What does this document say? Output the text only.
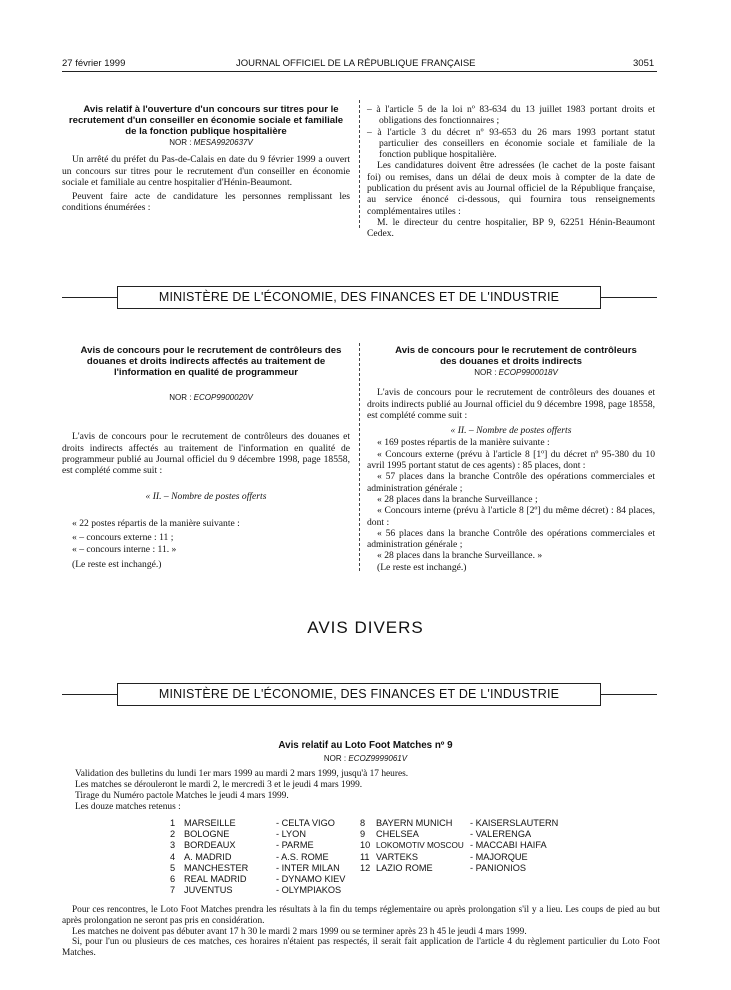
27 février 1999	JOURNAL OFFICIEL DE LA RÉPUBLIQUE FRANÇAISE	3051

Avis relatif à l'ouverture d'un concours sur titres pour le recrutement d'un conseiller en économie sociale et familiale de la fonction publique hospitalière

NOR : MESA9920637V

Un arrêté du préfet du Pas-de-Calais en date du 9 février 1999 a ouvert un concours sur titres pour le recrutement d'un conseiller en économie sociale et familiale au centre hospitalier d'Hénin-Beaumont.

Peuvent faire acte de candidature les personnes remplissant les conditions énumérées :

– à l'article 5 de la loi nº 83-634 du 13 juillet 1983 portant droits et obligations des fonctionnaires ;

– à l'article 3 du décret nº 93-653 du 26 mars 1993 portant statut particulier des conseillers en économie sociale et familiale de la fonction publique hospitalière.

Les candidatures doivent être adressées (le cachet de la poste faisant foi) ou remises, dans un délai de deux mois à compter de la date de publication du présent avis au Journal officiel de la République française, au service énoncé ci-dessous, qui fournira tous renseignements complémentaires utiles :

M. le directeur du centre hospitalier, BP 9, 62251 Hénin-Beaumont Cedex.

MINISTÈRE DE L'ÉCONOMIE, DES FINANCES ET DE L'INDUSTRIE

Avis de concours pour le recrutement de contrôleurs des douanes et droits indirects affectés au traitement de l'information en qualité de programmeur

NOR : ECOP9900020V

L'avis de concours pour le recrutement de contrôleurs des douanes et droits indirects affectés au traitement de l'information en qualité de programmeur publié au Journal officiel du 9 décembre 1998, page 18558, est complété comme suit :

« II. – Nombre de postes offerts

« 22 postes répartis de la manière suivante :

« – concours externe : 11 ;

« – concours interne : 11. »

(Le reste est inchangé.)

Avis de concours pour le recrutement de contrôleurs des douanes et droits indirects

NOR : ECOP9900018V

L'avis de concours pour le recrutement de contrôleurs des douanes et droits indirects publié au Journal officiel du 9 décembre 1998, page 18558, est complété comme suit :

« II. – Nombre de postes offerts

« 169 postes répartis de la manière suivante :

« Concours externe (prévu à l'article 8 [1º] du décret nº 95-380 du 10 avril 1995 portant statut de ces agents) : 85 places, dont :

« 57 places dans la branche Contrôle des opérations commerciales et administration générale ;

« 28 places dans la branche Surveillance ;

« Concours interne (prévu à l'article 8 [2º] du même décret) : 84 places, dont :

« 56 places dans la branche Contrôle des opérations commerciales et administration générale ;

« 28 places dans la branche Surveillance. »

(Le reste est inchangé.)

AVIS DIVERS
MINISTÈRE DE L'ÉCONOMIE, DES FINANCES ET DE L'INDUSTRIE
Avis relatif au Loto Foot Matches nº 9
NOR : ECOZ9999061V

Validation des bulletins du lundi 1er mars 1999 au mardi 2 mars 1999, jusqu'à 17 heures.

Les matches se dérouleront le mardi 2, le mercredi 3 et le jeudi 4 mars 1999.

Tirage du Numéro pactole Matches le jeudi 4 mars 1999.

Les douze matches retenus :

1 MARSEILLE	- CELTA VIGO
2 BOLOGNE	- LYON
3 BORDEAUX	- PARME
4 A. MADRID	- A.S. ROME
5 MANCHESTER	- INTER MILAN
6 REAL MADRID	- DYNAMO KIEV
7 JUVENTUS	- OLYMPIAKOS
8 BAYERN MUNICH - KAISERSLAUTERN
9 CHELSEA	- VALERENGA
10 LOKOMOTIV MOSCOU - MACCABI HAIFA
11 VARTEKS	- MAJORQUE
12 LAZIO ROME	- PANIONIOS

Pour ces rencontres, le Loto Foot Matches prendra les résultats à la fin du temps réglementaire ou après prolongation s'il y a lieu. Les coups de pied au but après prolongation ne seront pas pris en considération.

Les matches ne doivent pas débuter avant 17 h 30 le mardi 2 mars 1999 ou se terminer après 23 h 45 le jeudi 4 mars 1999.

Si, pour l'un ou plusieurs de ces matches, ces horaires n'étaient pas respectés, il serait fait application de l'article 4 du règlement particulier du Loto Foot Matches.
